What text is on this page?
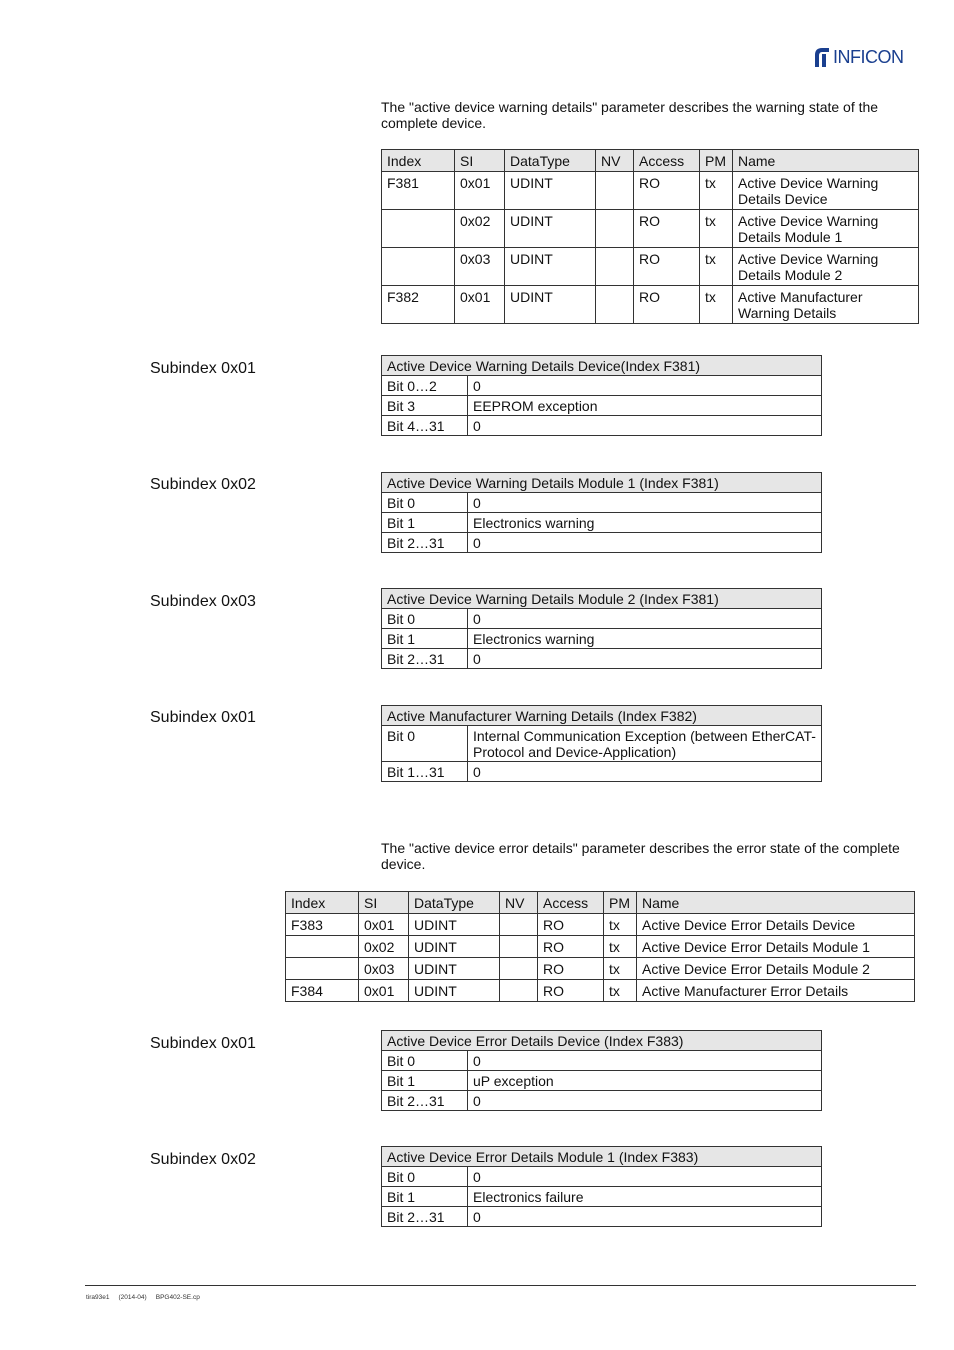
INFICON

The "active device warning details" parameter describes the warning state of the complete device.

Index	SI	DataType	NV	Access	PM	Name
F381	0x01	UDINT		RO	tx	Active Device Warning Details Device
	0x02	UDINT		RO	tx	Active Device Warning Details Module 1
	0x03	UDINT		RO	tx	Active Device Warning Details Module 2
F382	0x01	UDINT		RO	tx	Active Manufacturer Warning Details
Subindex 0x01	Active Device Warning Details Device(Index F381)	
Bit 0…2	0
Bit 3	EEPROM exception
Bit 4…31	0
Subindex 0x02	Active Device Warning Details Module 1 (Index F381)	
Bit 0	0
Bit 1	Electronics warning
Bit 2…31	0
Subindex 0x03	Active Device Warning Details Module 2 (Index F381)	
Bit 0	0
Bit 1	Electronics warning
Bit 2…31	0
Subindex 0x01	Active Manufacturer Warning Details (Index F382)	
Bit 0	Internal Communication Exception (between EtherCAT-Protocol and Device-Application)
Bit 1…31	0

The "active device error details" parameter describes the error state of the complete device.

Index	SI	DataType	NV	Access	PM	Name
F383	0x01	UDINT		RO	tx	Active Device Error Details Device
	0x02	UDINT		RO	tx	Active Device Error Details Module 1
	0x03	UDINT		RO	tx	Active Device Error Details Module 2
F384	0x01	UDINT		RO	tx	Active Manufacturer Error Details
Subindex 0x01	Active Device Error Details Device (Index F383)	
Bit 0	0
Bit 1	uP exception
Bit 2…31	0
Subindex 0x02	Active Device Error Details Module 1 (Index F383)	
Bit 0	0
Bit 1	Electronics failure
Bit 2…31	0
tira93e1     (2014-04)     BPG402-SE.cp
